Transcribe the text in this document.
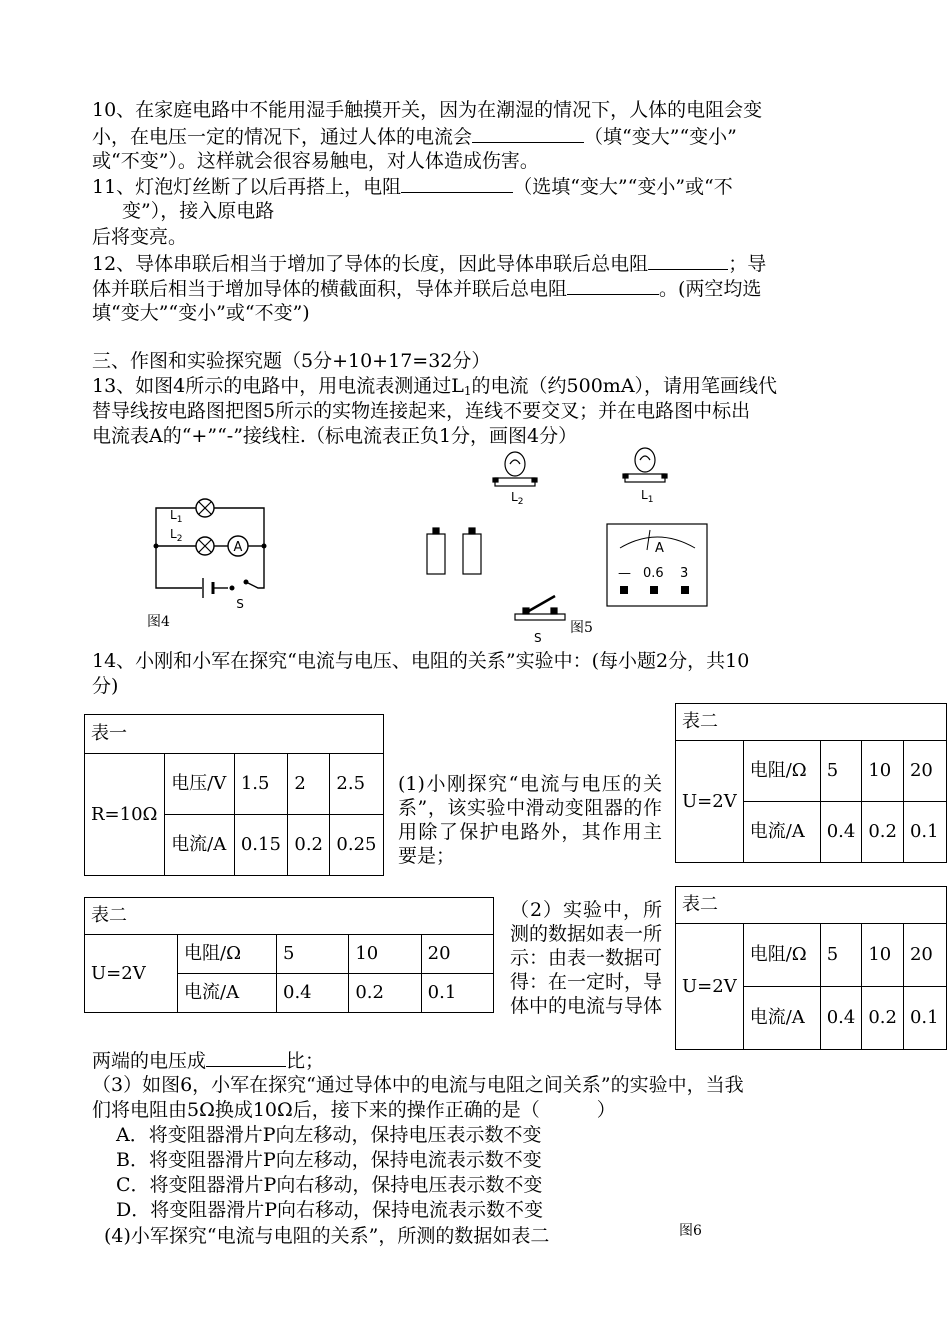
10、在家庭电路中不能用湿手触摸开关，因为在潮湿的情况下，人体的电阻会变
小，在电压一定的情况下，通过人体的电流会	（填“变大”“变小”
或“不变”）。这样就会很容易触电，对人体造成伤害。
11、灯泡灯丝断了以后再搭上，电阻	（选填“变大”“变小”或“不
变”），接入原电路
后将变亮。
12、导体串联后相当于增加了导体的长度，因此导体串联后总电阻	；导
体并联后相当于增加导体的横截面积，导体并联后总电阻	。(两空均选
填“变大”“变小”或“不变”)
三、作图和实验探究题（5分+10+17=32分）
13、如图4所示的电路中，用电流表测通过$L_1$的电流（约500mA），请用笔画线代
替导线按电路图把图5所示的实物连接起来，连线不要交叉；并在电路图中标出
电流表A的“+”“-”接线柱.（标电流表正负1分，画图4分）
A
S
$L_1$
$L_2$
图4
$L_2$	$L_1$
A
— 0.6 3
S
图5
14、小刚和小军在探究“电流与电压、电阻的关系”实验中：(每小题2分，共10
分)
表一				
R=10Ω	电压/V	1.5	2	2.5
	电流/A	0.15	0.2	0.25
表二				
U=2V	电阻/Ω	5	10	20
	电流/A	0.4	0.2	0.1
表二				
U=2V	电阻/Ω	5	10	20
	电流/A	0.4	0.2	0.1
表二				
U=2V	电阻/Ω	5	10	20
	电流/A	0.4	0.2	0.1
(1)小刚探究“电流与电压的关系”，该实验中滑动变阻器的作用除了保护电路外，其作用主要是；
（2）实验中，所测的数据如表一所示：由表一数据可得：在一定时，导体中的电流与导体
两端的电压成	比；
（3）如图6，小军在探究“通过导体中的电流与电阻之间关系”的实验中，当我
们将电阻由5Ω换成10Ω后，接下来的操作正确的是（　　　）
A．将变阻器滑片P向左移动，保持电压表示数不变
B．将变阻器滑片P向左移动，保持电流表示数不变
C．将变阻器滑片P向右移动，保持电压表示数不变
D．将变阻器滑片P向右移动，保持电流表示数不变
(4)小军探究“电流与电阻的关系”，所测的数据如表二	图6
